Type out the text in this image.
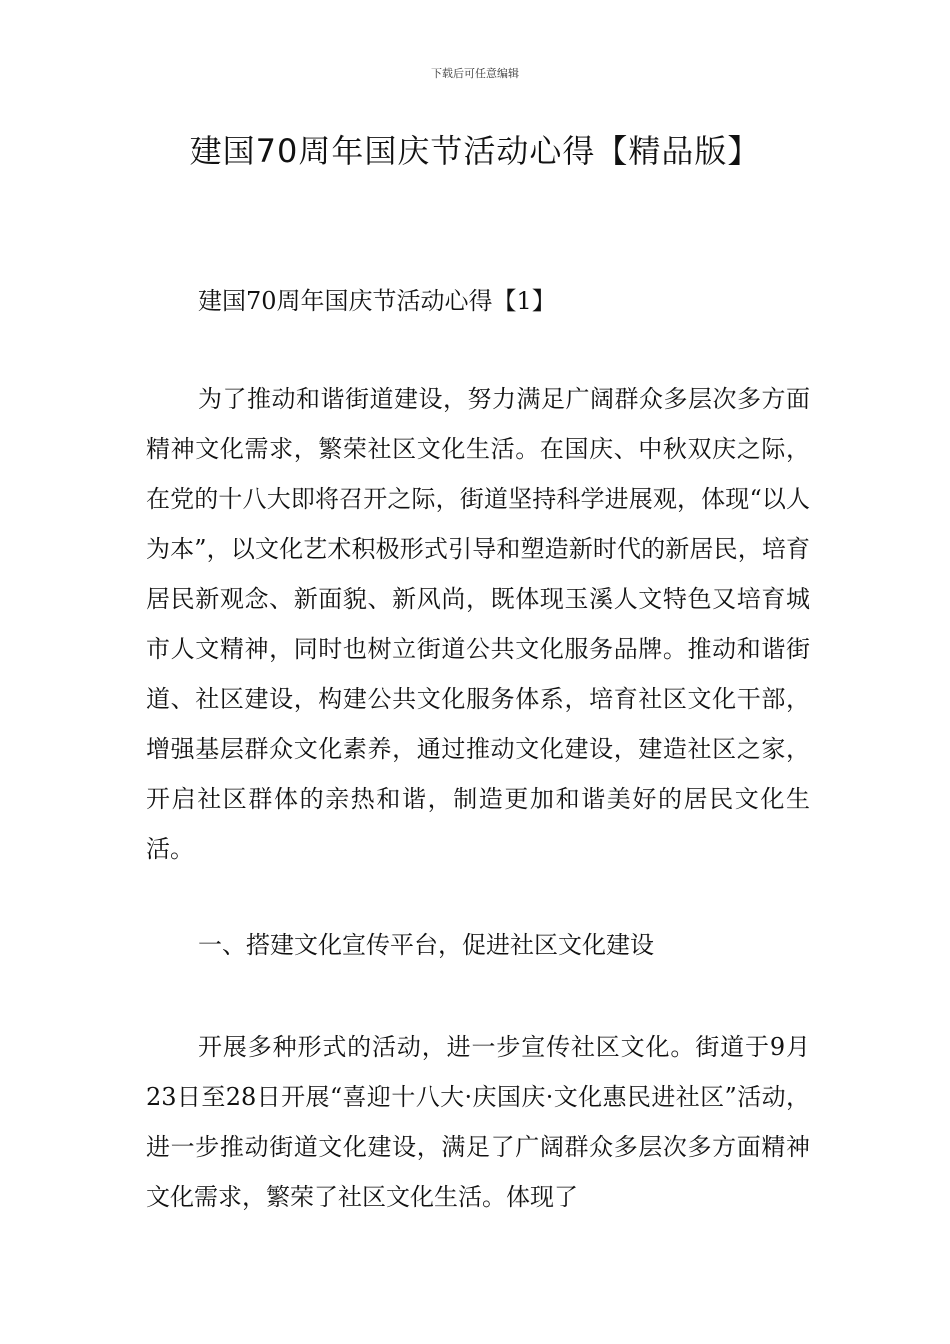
下载后可任意编辑
建国70周年国庆节活动心得【精品版】

建国70周年国庆节活动心得【1】

为了推动和谐街道建设，努力满足广阔群众多层次多方面精神文化需求，繁荣社区文化生活。在国庆、中秋双庆之际，在党的十八大即将召开之际，街道坚持科学进展观，体现“以人为本”，以文化艺术积极形式引导和塑造新时代的新居民，培育居民新观念、新面貌、新风尚，既体现玉溪人文特色又培育城市人文精神，同时也树立街道公共文化服务品牌。推动和谐街道、社区建设，构建公共文化服务体系，培育社区文化干部，增强基层群众文化素养，通过推动文化建设，建造社区之家，开启社区群体的亲热和谐，制造更加和谐美好的居民文化生活。

一、搭建文化宣传平台，促进社区文化建设

开展多种形式的活动，进一步宣传社区文化。街道于9月23日至28日开展“喜迎十八大·庆国庆·文化惠民进社区”活动，进一步推动街道文化建设，满足了广阔群众多层次多方面精神文化需求，繁荣了社区文化生活。体现了
